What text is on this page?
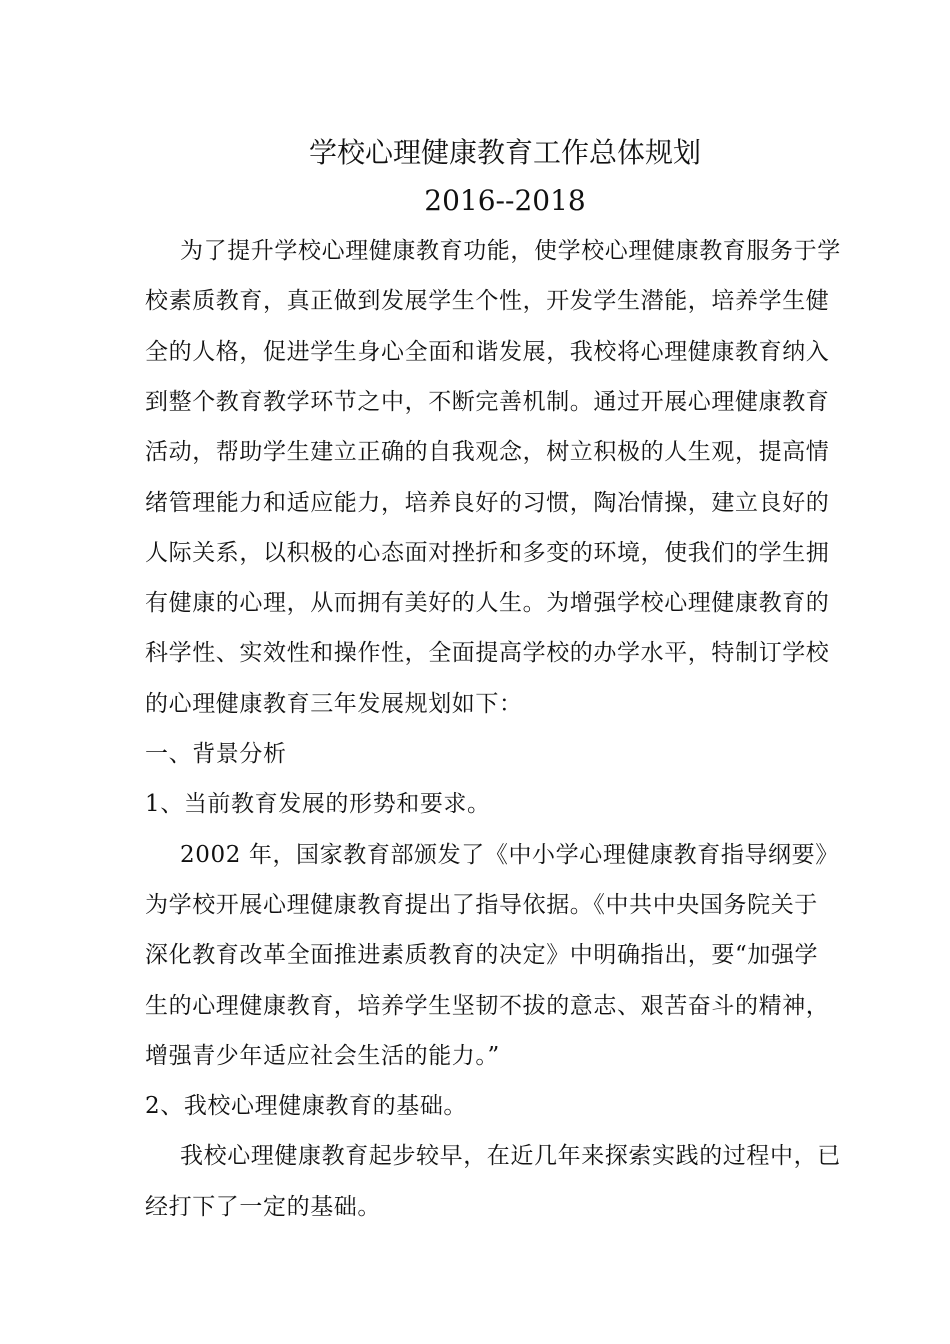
学校心理健康教育工作总体规划
2016--2018
为了提升学校心理健康教育功能，使学校心理健康教育服务于学
校素质教育，真正做到发展学生个性，开发学生潜能，培养学生健
全的人格，促进学生身心全面和谐发展，我校将心理健康教育纳入
到整个教育教学环节之中，不断完善机制。通过开展心理健康教育
活动，帮助学生建立正确的自我观念，树立积极的人生观，提高情
绪管理能力和适应能力，培养良好的习惯，陶冶情操，建立良好的
人际关系，以积极的心态面对挫折和多变的环境，使我们的学生拥
有健康的心理，从而拥有美好的人生。为增强学校心理健康教育的
科学性、实效性和操作性，全面提高学校的办学水平，特制订学校
的心理健康教育三年发展规划如下：
一、背景分析
1、当前教育发展的形势和要求。
2002 年，国家教育部颁发了《中小学心理健康教育指导纲要》
为学校开展心理健康教育提出了指导依据。《中共中央国务院关于
深化教育改革全面推进素质教育的决定》中明确指出，要“加强学
生的心理健康教育，培养学生坚韧不拔的意志、艰苦奋斗的精神，
增强青少年适应社会生活的能力。”
2、我校心理健康教育的基础。
我校心理健康教育起步较早，在近几年来探索实践的过程中，已
经打下了一定的基础。
